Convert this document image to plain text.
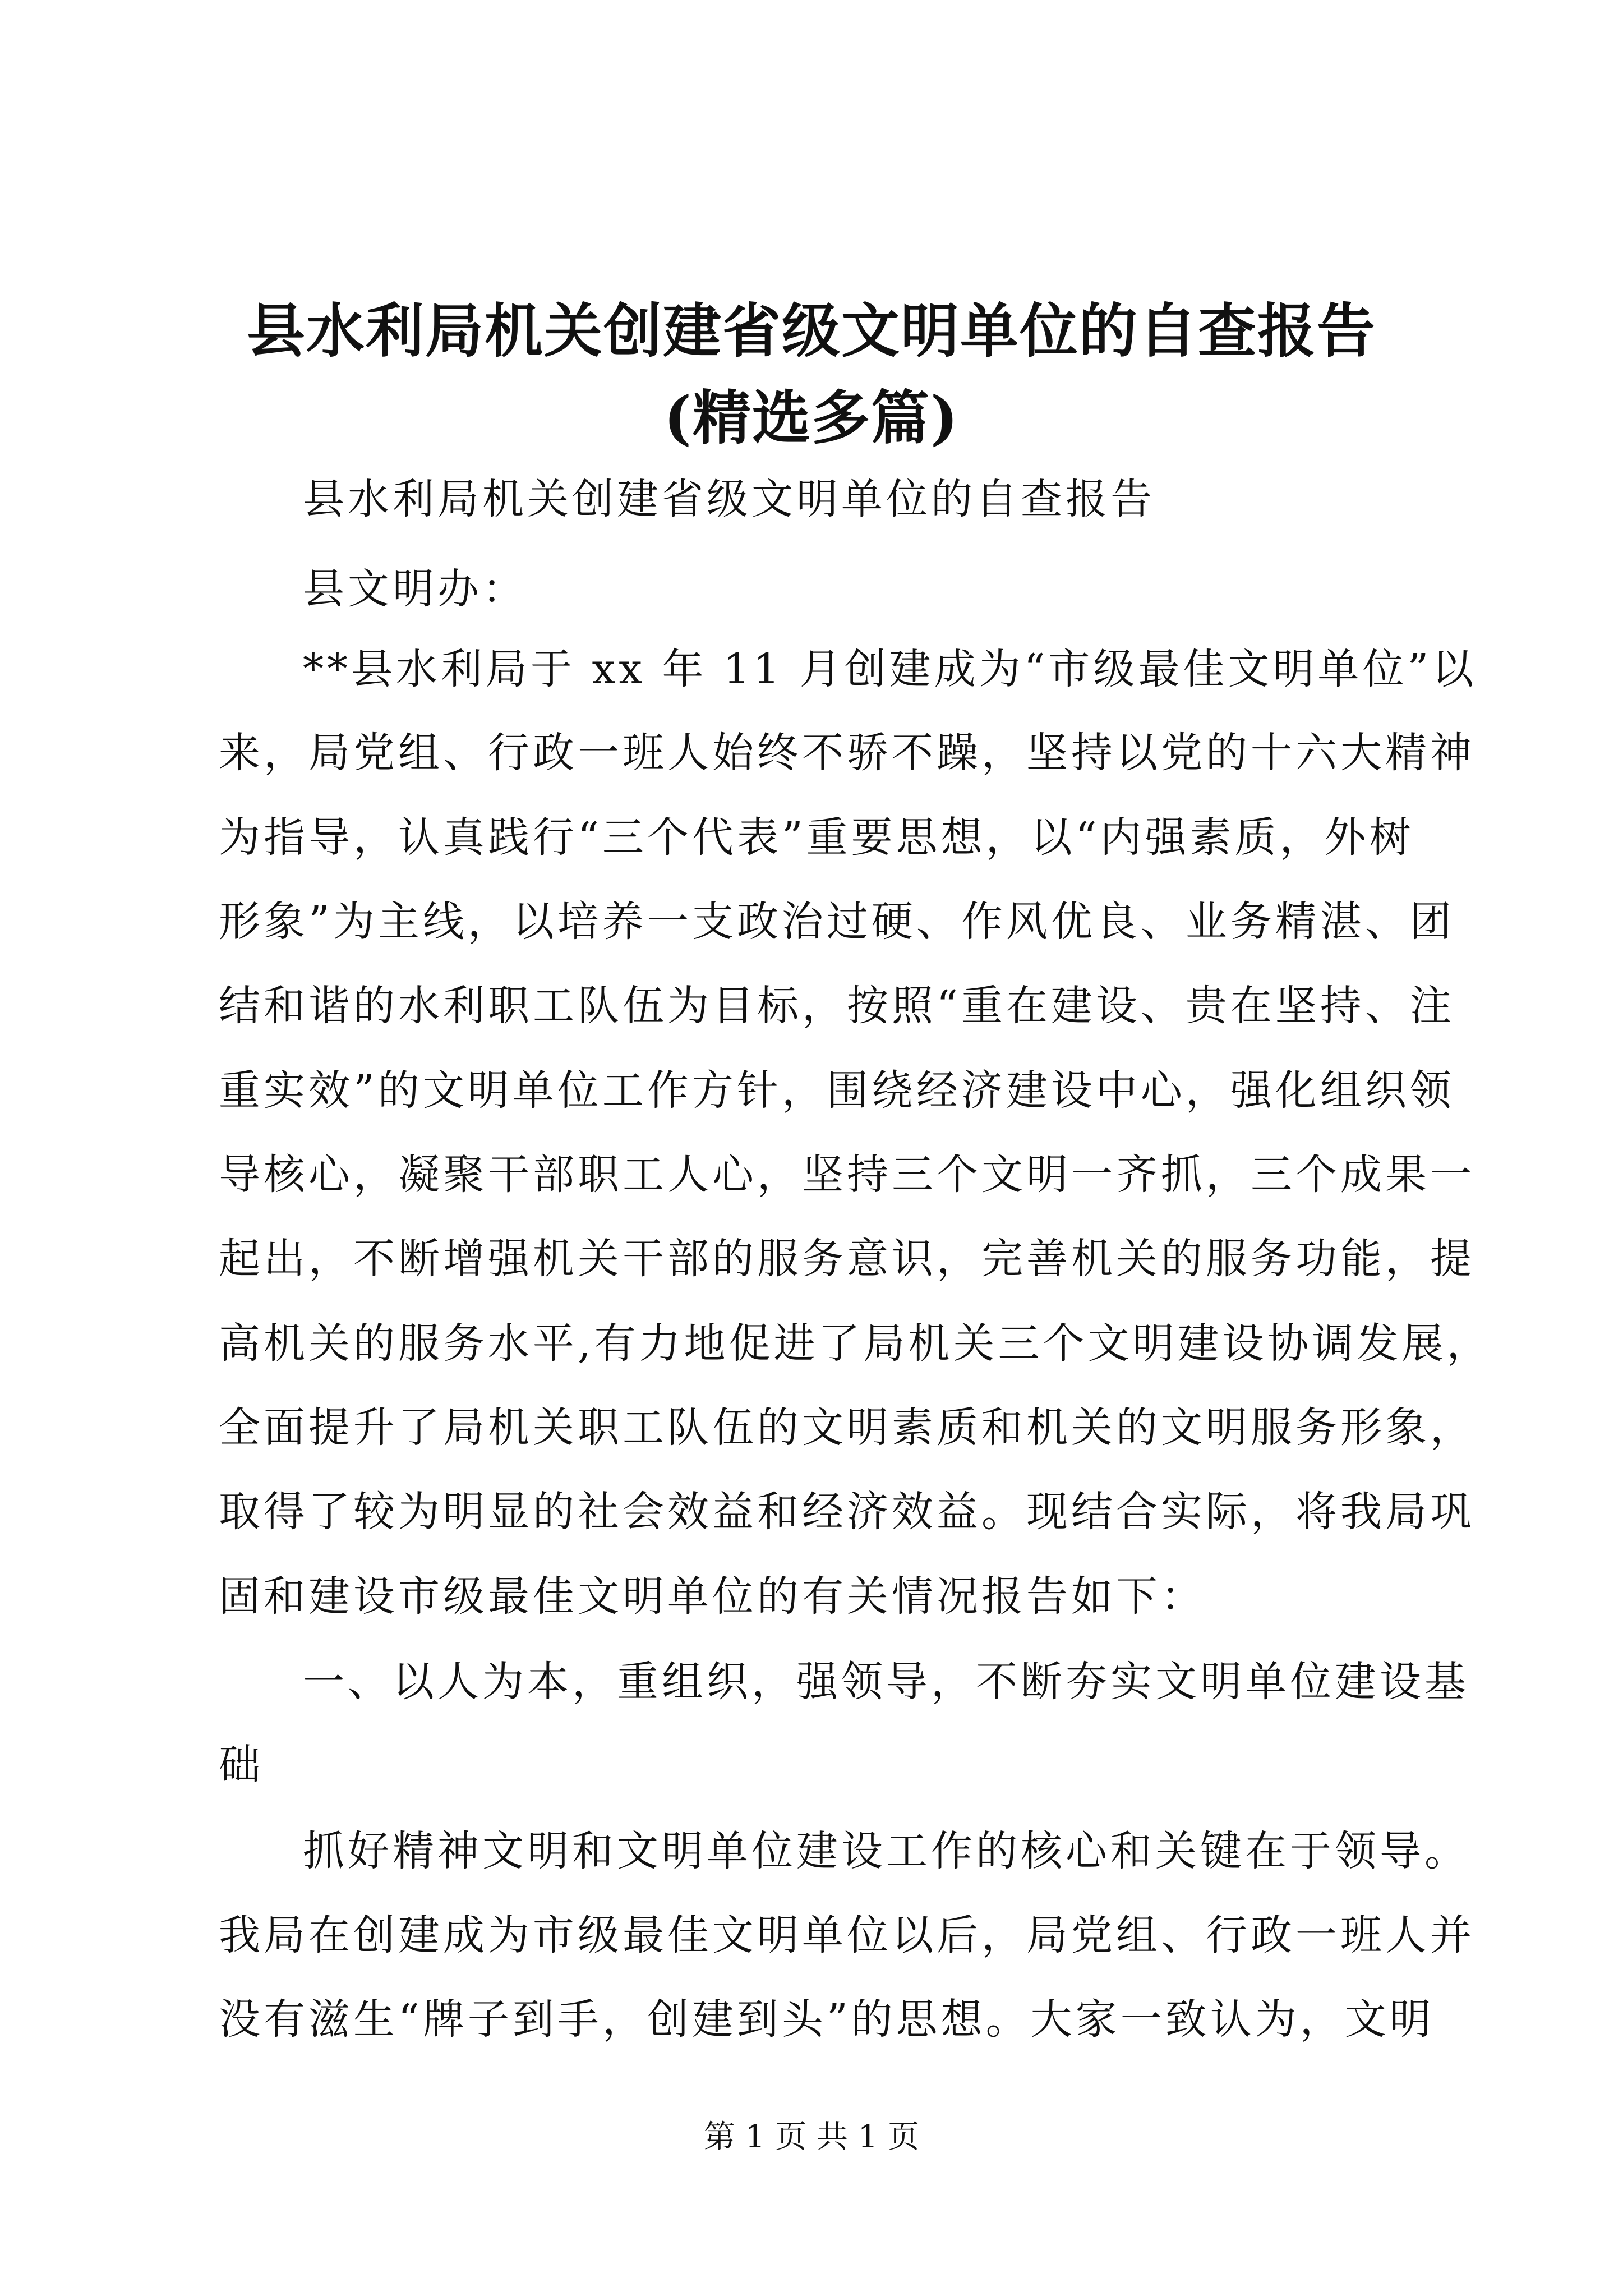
县水利局机关创建省级文明单位的自查报告
(精选多篇)

县水利局机关创建省级文明单位的自查报告

县文明办：

**县水利局于 xx 年 11 月创建成为“市级最佳文明单位”以

来，局党组、行政一班人始终不骄不躁，坚持以党的十六大精神

为指导，认真践行“三个代表”重要思想，以“内强素质，外树

形象”为主线，以培养一支政治过硬、作风优良、业务精湛、团

结和谐的水利职工队伍为目标，按照“重在建设、贵在坚持、注

重实效”的文明单位工作方针，围绕经济建设中心，强化组织领

导核心，凝聚干部职工人心，坚持三个文明一齐抓，三个成果一

起出，不断增强机关干部的服务意识，完善机关的服务功能，提

高机关的服务水平,有力地促进了局机关三个文明建设协调发展，

全面提升了局机关职工队伍的文明素质和机关的文明服务形象，

取得了较为明显的社会效益和经济效益。现结合实际，将我局巩

固和建设市级最佳文明单位的有关情况报告如下：

一、以人为本，重组织，强领导，不断夯实文明单位建设基

础

抓好精神文明和文明单位建设工作的核心和关键在于领导。

我局在创建成为市级最佳文明单位以后，局党组、行政一班人并

没有滋生“牌子到手，创建到头”的思想。大家一致认为，文明

第 1 页 共 1 页
